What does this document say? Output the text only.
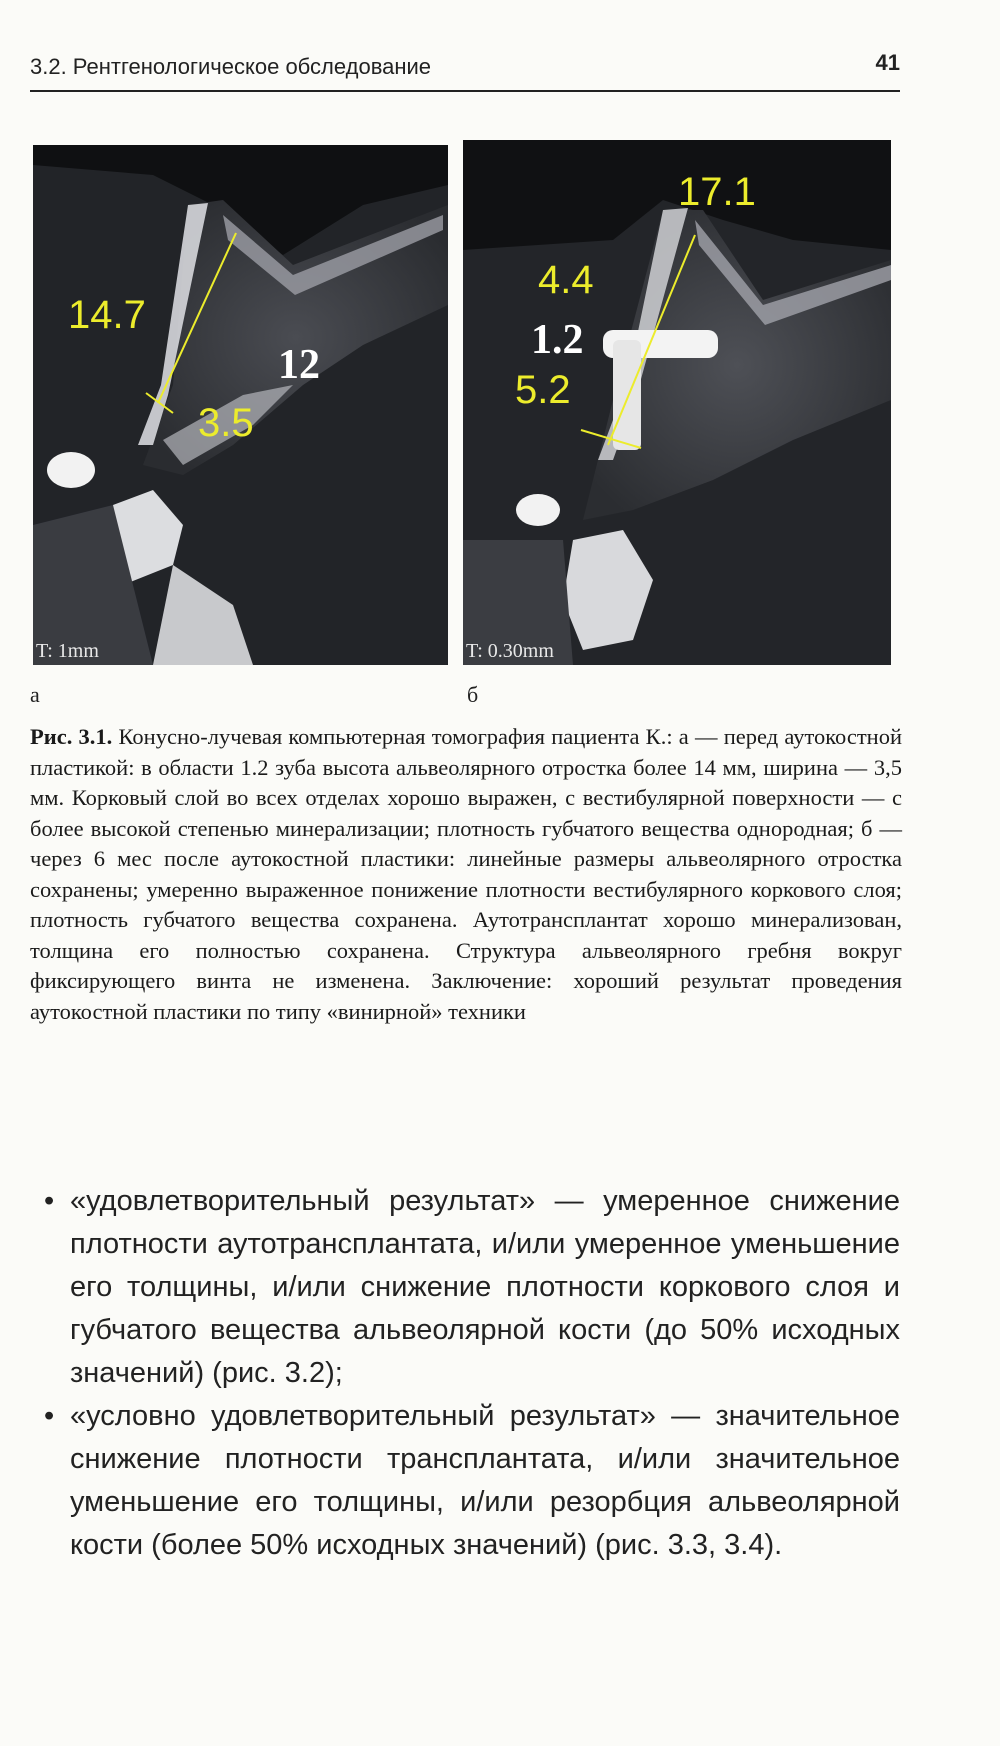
3.2. Рентгенологическое обследование	41
14.7
3.5
12
T: 1mm
17.1
4.4
1.2
5.2
T: 0.30mm
а	б
Рис. 3.1. Конусно-лучевая компьютерная томография пациента К.: а — перед аутокостной пластикой: в области 1.2 зуба высота альвеолярного отростка более 14 мм, ширина — 3,5 мм. Корковый слой во всех отделах хорошо выражен, с вестибулярной поверхности — с более высокой степенью минерализации; плотность губчатого вещества однородная; б — через 6 мес после аутокостной пластики: линейные размеры альвеолярного отростка сохранены; умеренно выраженное понижение плотности вестибулярного коркового слоя; плотность губчатого вещества сохранена. Аутотрансплантат хорошо минерализован, толщина его полностью сохранена. Структура альвеолярного гребня вокруг фиксирующего винта не изменена. Заключение: хороший результат проведения аутокостной пластики по типу «винирной» техники
• «удовлетворительный результат» — умеренное снижение плотности аутотрансплантата, и/или умеренное уменьшение его толщины, и/или снижение плотности коркового слоя и губчатого вещества альвеолярной кости (до 50% исходных значений) (рис. 3.2);
• «условно удовлетворительный результат» — значительное снижение плотности трансплантата, и/или значительное уменьшение его толщины, и/или резорбция альвеолярной кости (более 50% исходных значений) (рис. 3.3, 3.4).
